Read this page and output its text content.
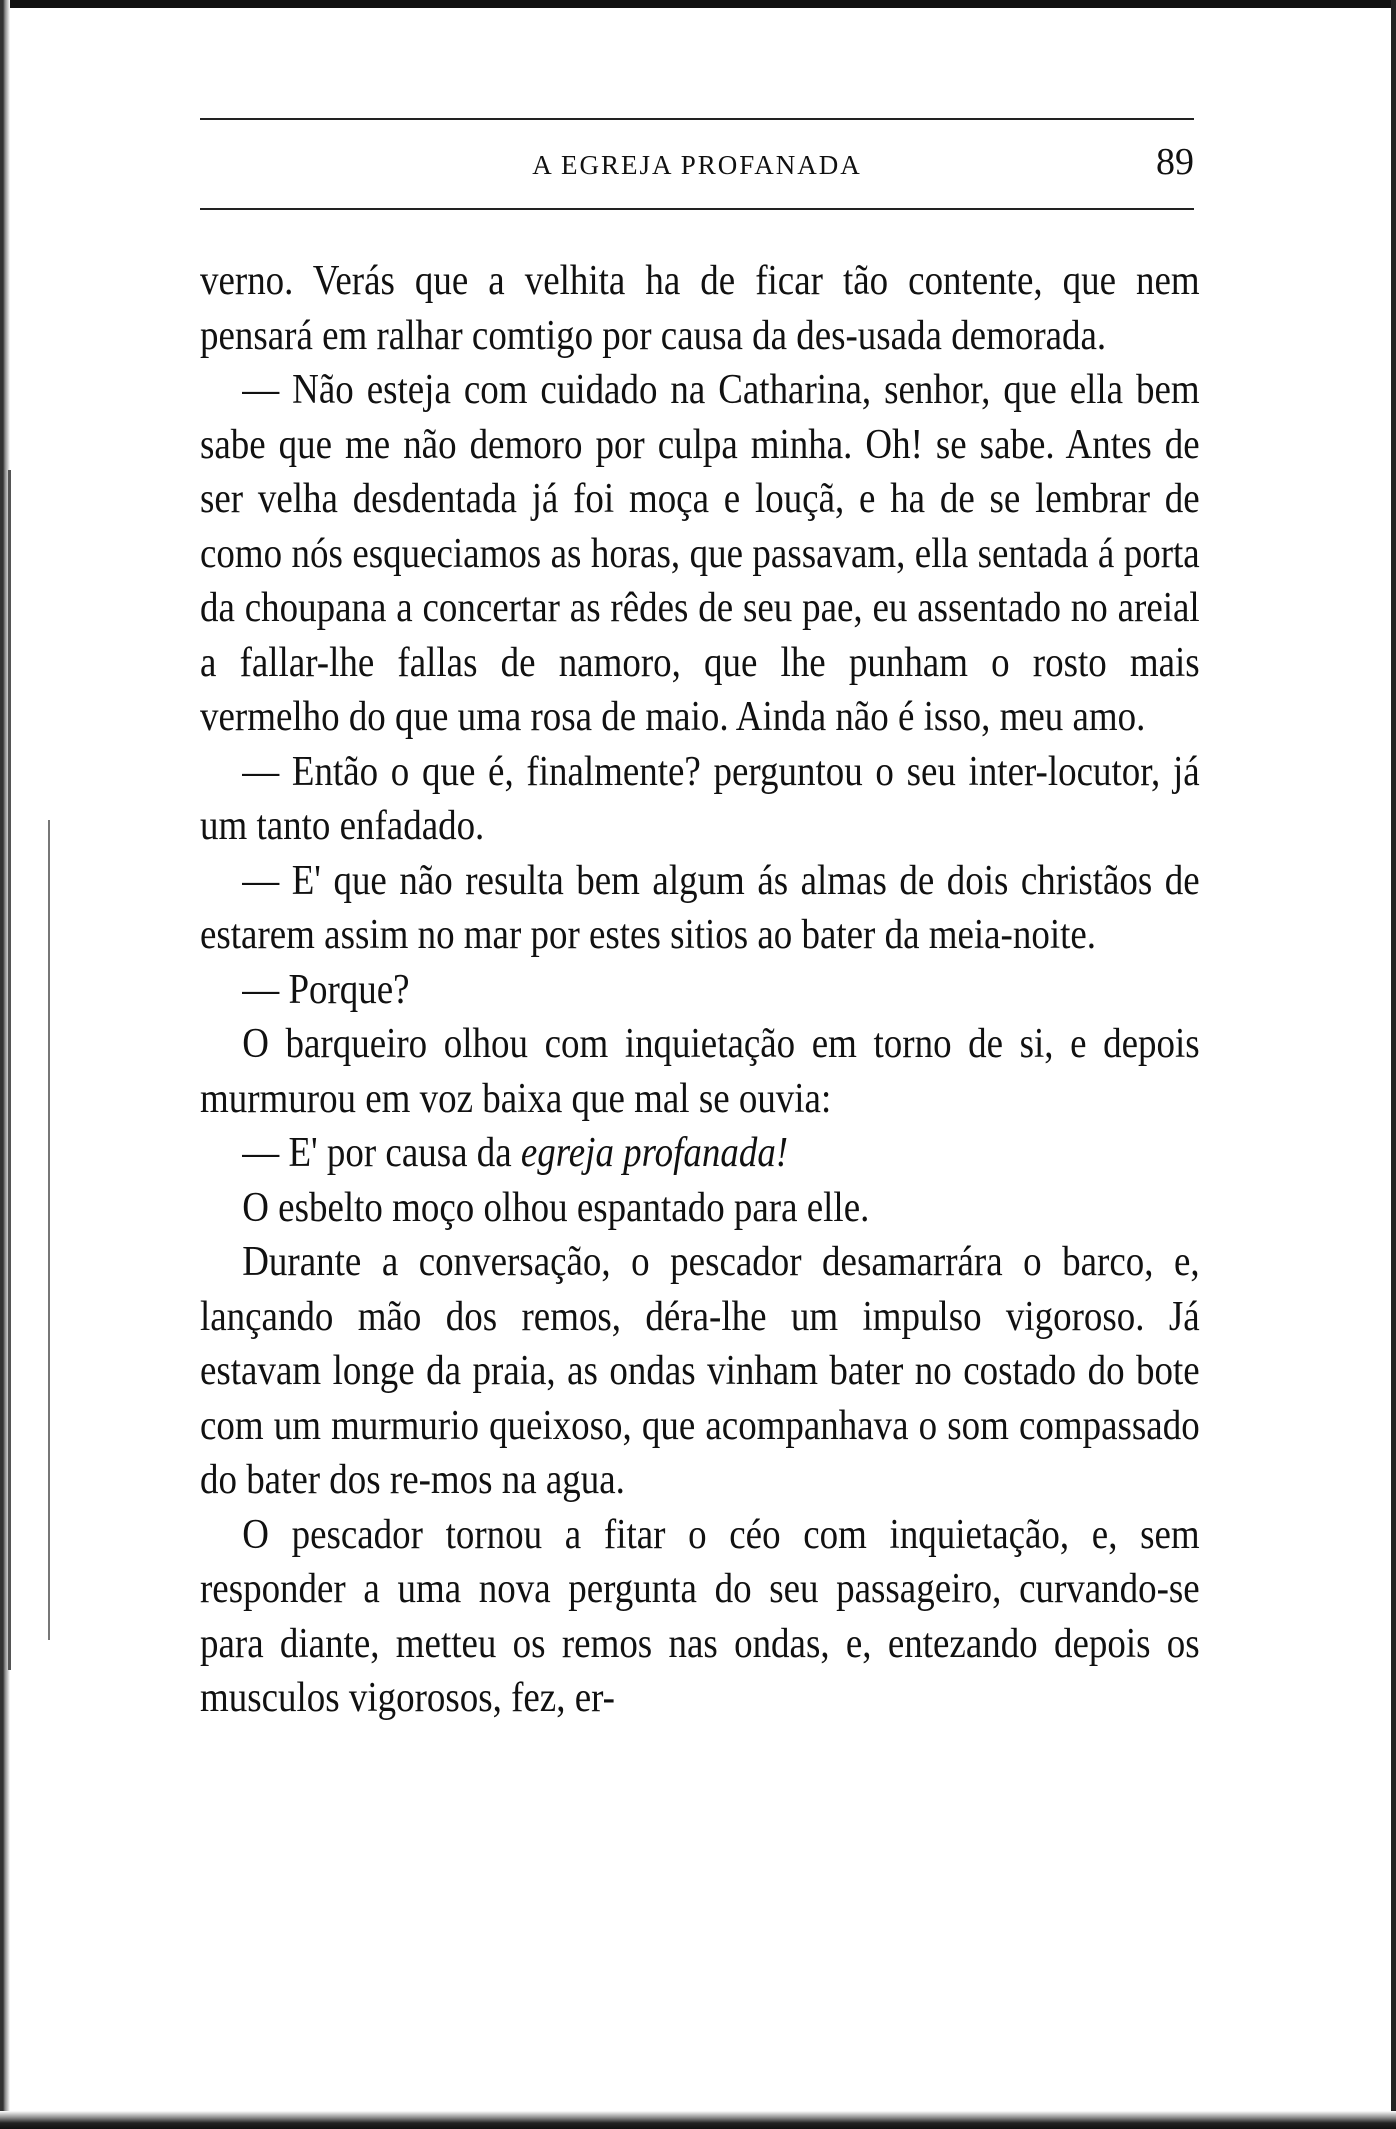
A EGREJA PROFANADA	89

verno. Verás que a velhita ha de ficar tão contente, que nem pensará em ralhar comtigo por causa da des-usada demorada.

— Não esteja com cuidado na Catharina, senhor, que ella bem sabe que me não demoro por culpa minha. Oh! se sabe. Antes de ser velha desdentada já foi moça e louçã, e ha de se lembrar de como nós esqueciamos as horas, que passavam, ella sentada á porta da choupana a concertar as rêdes de seu pae, eu assentado no areial a fallar-lhe fallas de namoro, que lhe punham o rosto mais vermelho do que uma rosa de maio. Ainda não é isso, meu amo.

— Então o que é, finalmente? perguntou o seu inter-locutor, já um tanto enfadado.

— E' que não resulta bem algum ás almas de dois christãos de estarem assim no mar por estes sitios ao bater da meia-noite.

— Porque?

O barqueiro olhou com inquietação em torno de si, e depois murmurou em voz baixa que mal se ouvia:

— E' por causa da egreja profanada!

O esbelto moço olhou espantado para elle.

Durante a conversação, o pescador desamarrára o barco, e, lançando mão dos remos, déra-lhe um impulso vigoroso. Já estavam longe da praia, as ondas vinham bater no costado do bote com um murmurio queixoso, que acompanhava o som compassado do bater dos re-mos na agua.

O pescador tornou a fitar o céo com inquietação, e, sem responder a uma nova pergunta do seu passageiro, curvando-se para diante, metteu os remos nas ondas, e, entezando depois os musculos vigorosos, fez, er-
